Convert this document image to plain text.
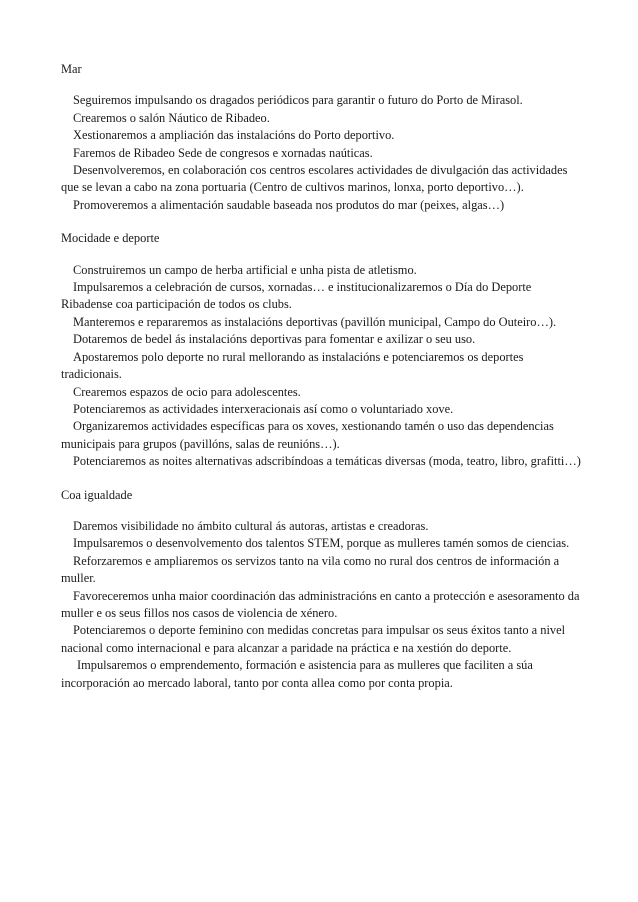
Mar

Seguiremos impulsando os dragados periódicos para garantir o futuro do Porto de Mirasol.

Crearemos o salón Náutico de Ribadeo.

Xestionaremos a ampliación das instalacións do Porto deportivo.

Faremos de Ribadeo Sede de congresos e xornadas naúticas.

Desenvolveremos, en colaboración cos centros escolares actividades de divulgación das actividades que se levan a cabo na zona portuaria (Centro de cultivos marinos, lonxa, porto deportivo…).

Promoveremos a alimentación saudable baseada nos produtos do mar (peixes, algas…)

Mocidade e deporte

Construiremos un campo de herba artificial e unha pista de atletismo.

Impulsaremos a celebración de cursos, xornadas… e institucionalizaremos o Día do Deporte Ribadense coa participación de todos os clubs.

Manteremos e repararemos as instalacións deportivas (pavillón municipal, Campo do Outeiro…).

Dotaremos de bedel ás instalacións deportivas para fomentar e axilizar o seu uso.

Apostaremos polo deporte no rural mellorando as instalacións e potenciaremos os deportes tradicionais.

Crearemos espazos de ocio para adolescentes.

Potenciaremos as actividades interxeracionais así como o voluntariado xove.

Organizaremos actividades específicas para os xoves, xestionando tamén o uso das dependencias municipais para grupos (pavillóns, salas de reunións…).

Potenciaremos as noites alternativas adscribíndoas a temáticas diversas (moda, teatro, libro, grafitti…)

Coa igualdade

Daremos visibilidade no ámbito cultural ás autoras, artistas e creadoras.

Impulsaremos o desenvolvemento dos talentos STEM, porque as mulleres tamén somos de ciencias.

Reforzaremos e ampliaremos os servizos tanto na vila como no rural dos centros de información a muller.

Favoreceremos unha maior coordinación das administracións en canto a protección e asesoramento da muller e os seus fillos nos casos de violencia de xénero.

Potenciaremos o deporte feminino con medidas concretas para impulsar os seus éxitos tanto a nivel nacional como internacional e para alcanzar a paridade na práctica e na xestión do deporte.

Impulsaremos o emprendemento, formación e asistencia para as mulleres que faciliten a súa incorporación ao mercado laboral, tanto por conta allea como por conta propia.
